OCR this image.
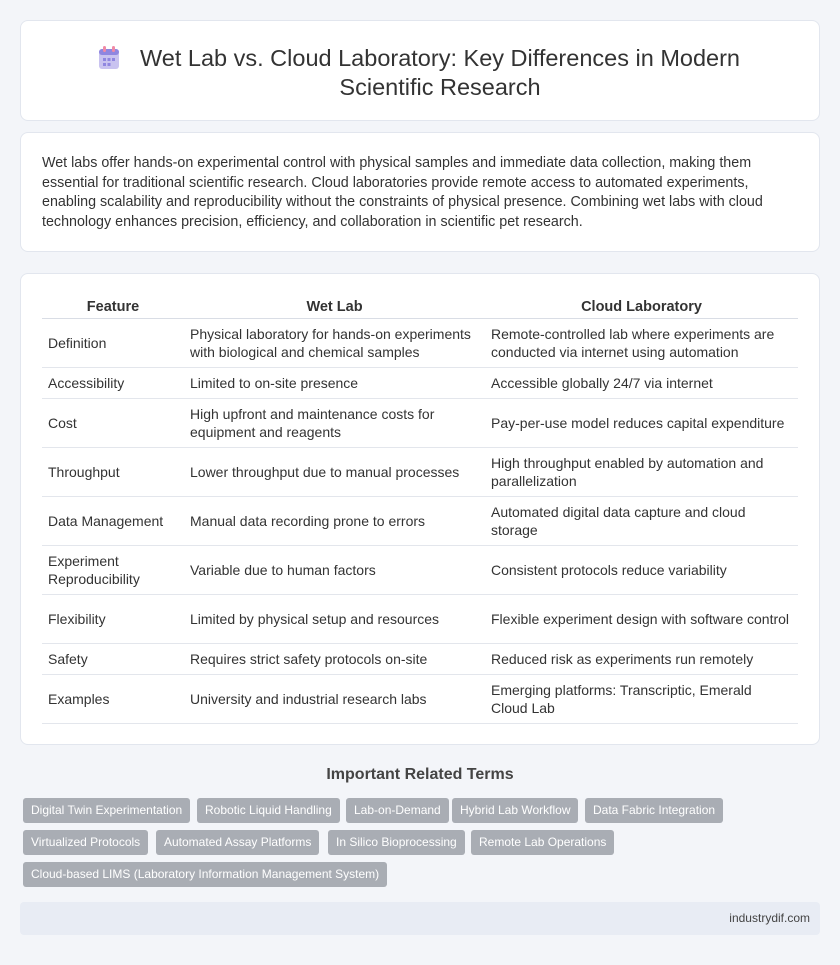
Wet Lab vs. Cloud Laboratory: Key Differences in Modern Scientific Research

Wet labs offer hands-on experimental control with physical samples and immediate data collection, making them essential for traditional scientific research. Cloud laboratories provide remote access to automated experiments, enabling scalability and reproducibility without the constraints of physical presence. Combining wet labs with cloud technology enhances precision, efficiency, and collaboration in scientific pet research.

Feature	Wet Lab	Cloud Laboratory
Definition	Physical laboratory for hands-on experiments with biological and chemical samples	Remote-controlled lab where experiments are conducted via internet using automation
Accessibility	Limited to on-site presence	Accessible globally 24/7 via internet
Cost	High upfront and maintenance costs for equipment and reagents	Pay-per-use model reduces capital expenditure
Throughput	Lower throughput due to manual processes	High throughput enabled by automation and parallelization
Data Management	Manual data recording prone to errors	Automated digital data capture and cloud storage
Experiment Reproducibility	Variable due to human factors	Consistent protocols reduce variability
Flexibility	Limited by physical setup and resources	Flexible experiment design with software control
Safety	Requires strict safety protocols on-site	Reduced risk as experiments run remotely
Examples	University and industrial research labs	Emerging platforms: Transcriptic, Emerald Cloud Lab
Important Related Terms
Digital Twin Experimentation	Robotic Liquid Handling	Lab-on-Demand	Hybrid Lab Workflow	Data Fabric Integration
Virtualized Protocols	Automated Assay Platforms	In Silico Bioprocessing	Remote Lab Operations
Cloud-based LIMS (Laboratory Information Management System)
industrydif.com
